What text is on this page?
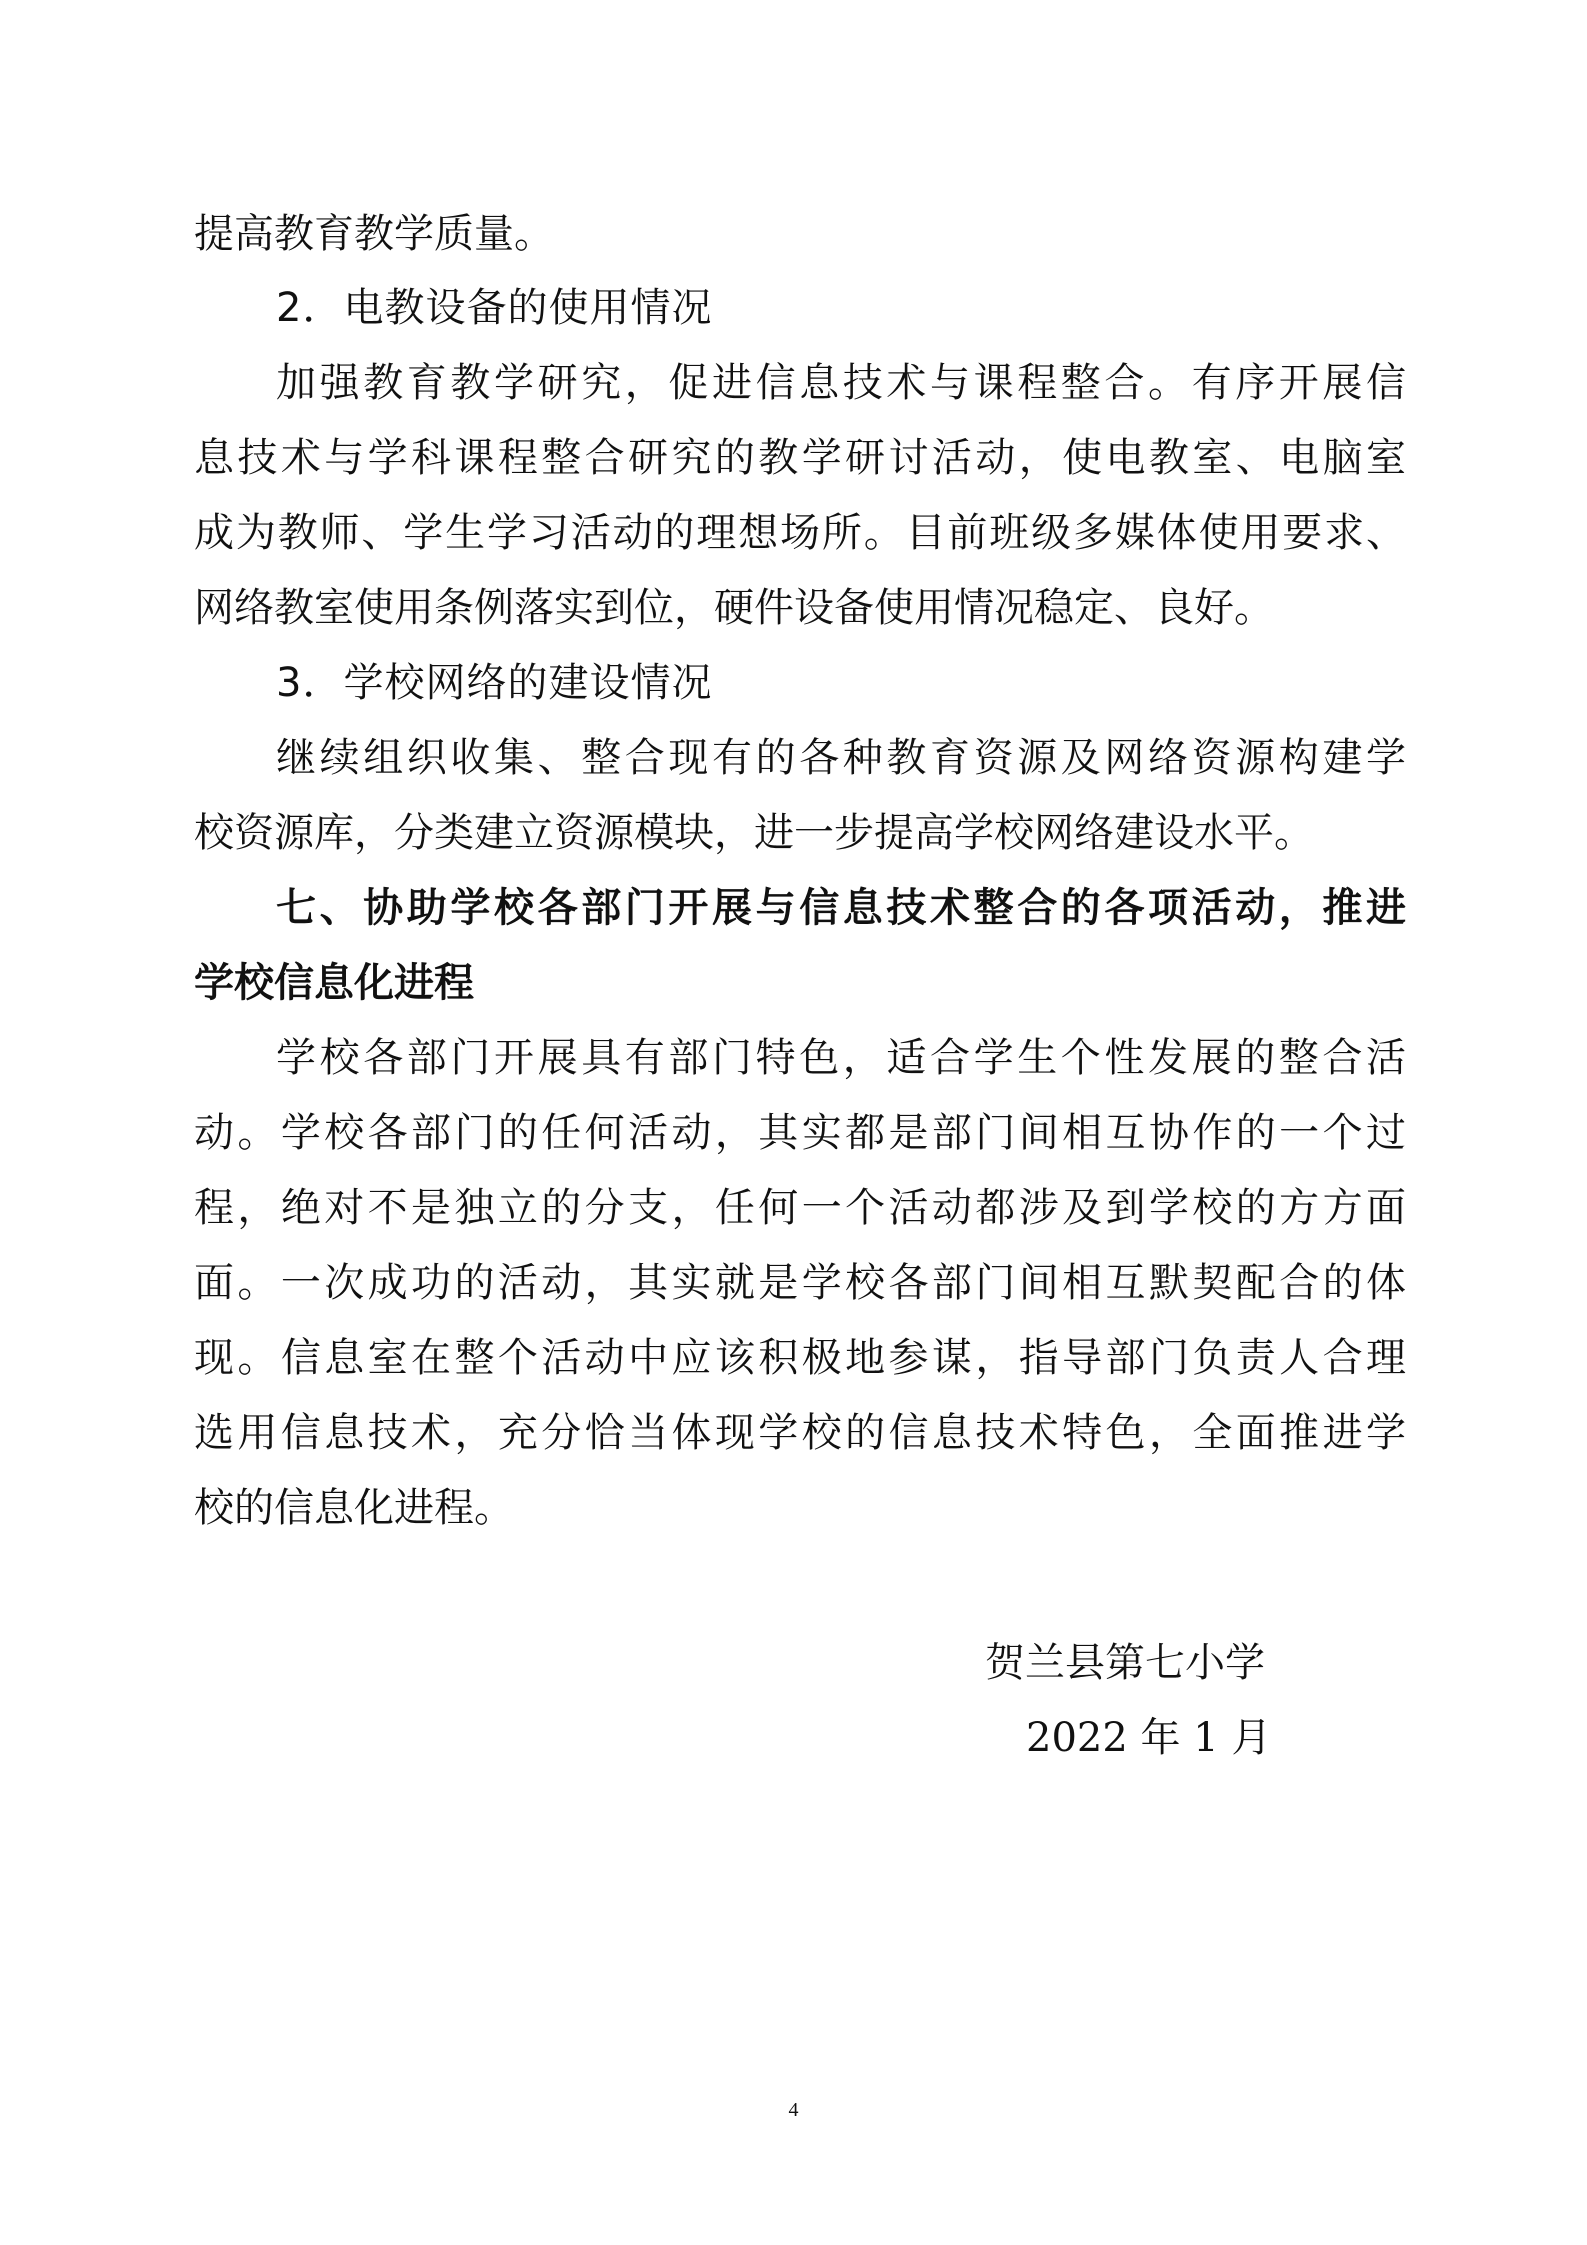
提高教育教学质量。

2．电教设备的使用情况

加强教育教学研究，促进信息技术与课程整合。有序开展信

息技术与学科课程整合研究的教学研讨活动，使电教室、电脑室

成为教师、学生学习活动的理想场所。目前班级多媒体使用要求、

网络教室使用条例落实到位，硬件设备使用情况稳定、良好。

3．学校网络的建设情况

继续组织收集、整合现有的各种教育资源及网络资源构建学

校资源库，分类建立资源模块，进一步提高学校网络建设水平。

七、协助学校各部门开展与信息技术整合的各项活动，推进
学校信息化进程

学校各部门开展具有部门特色，适合学生个性发展的整合活

动。学校各部门的任何活动，其实都是部门间相互协作的一个过

程，绝对不是独立的分支，任何一个活动都涉及到学校的方方面

面。一次成功的活动，其实就是学校各部门间相互默契配合的体

现。信息室在整个活动中应该积极地参谋，指导部门负责人合理

选用信息技术，充分恰当体现学校的信息技术特色，全面推进学

校的信息化进程。

贺兰县第七小学
2022 年 1 月
4
